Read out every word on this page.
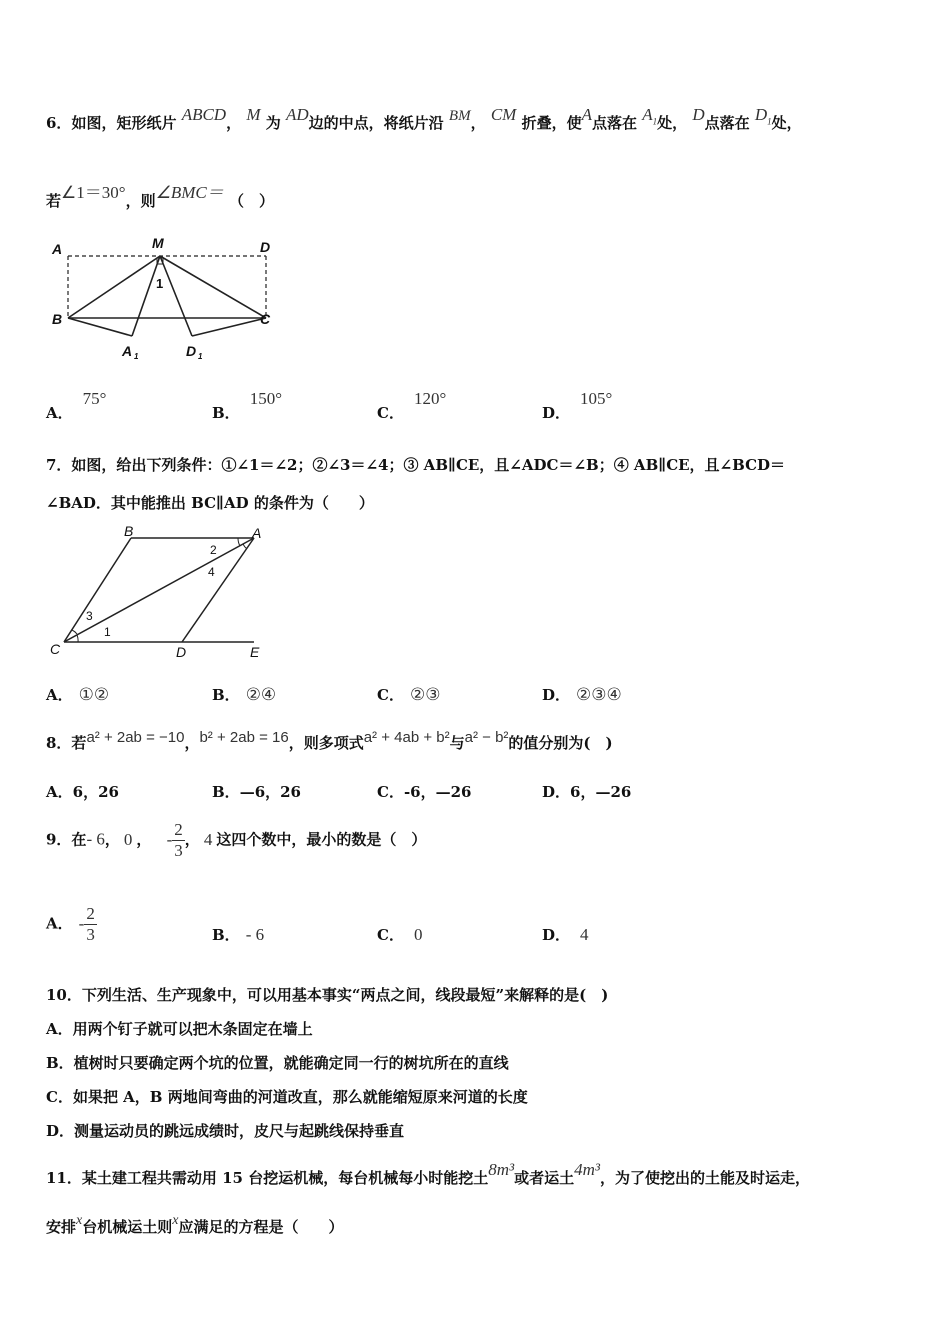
6．如图，矩形纸片 ABCD， M 为 AD边的中点，将纸片沿 BM， CM 折叠，使A点落在 $A_1$处， D点落在 $D_1$处，
若∠1＝30°，则∠BMC＝ （　）
A	M	D
B	C
A 1	D 1
1
A．75°
B．150°
C．120°
D．105°
7．如图，给出下列条件：①∠1＝∠2；②∠3＝∠4；③ AB∥CE，且∠ADC＝∠B；④ AB∥CE，且∠BCD＝
∠BAD．其中能推出 BC∥AD 的条件为（　　）
B	A
C	D	E
2
4
3
1
A． ①②	B． ②④	C． ②③	D． ②③④
8．若a² + 2ab = −10，b² + 2ab = 16，则多项式a² + 4ab + b²与a² − b²的值分别为(　)
A．6，26	B．—6，26	C．-6，—26	D．6，—26
9．在- 6， 0 ， - $\frac{2}{3}$ ， 4 这四个数中，最小的数是（　）
A． - $\frac{2}{3}$	B． - 6	C． 0	D． 4
10．下列生活、生产现象中，可以用基本事实“两点之间，线段最短”来解释的是(　)
A．用两个钉子就可以把木条固定在墙上
B．植树时只要确定两个坑的位置，就能确定同一行的树坑所在的直线
C．如果把 A，B 两地间弯曲的河道改直，那么就能缩短原来河道的长度
D．测量运动员的跳远成绩时，皮尺与起跳线保持垂直
11．某土建工程共需动用 15 台挖运机械，每台机械每小时能挖土8m³或者运土4m³，为了使挖出的土能及时运走，
安排x台机械运土则x应满足的方程是（　　）
